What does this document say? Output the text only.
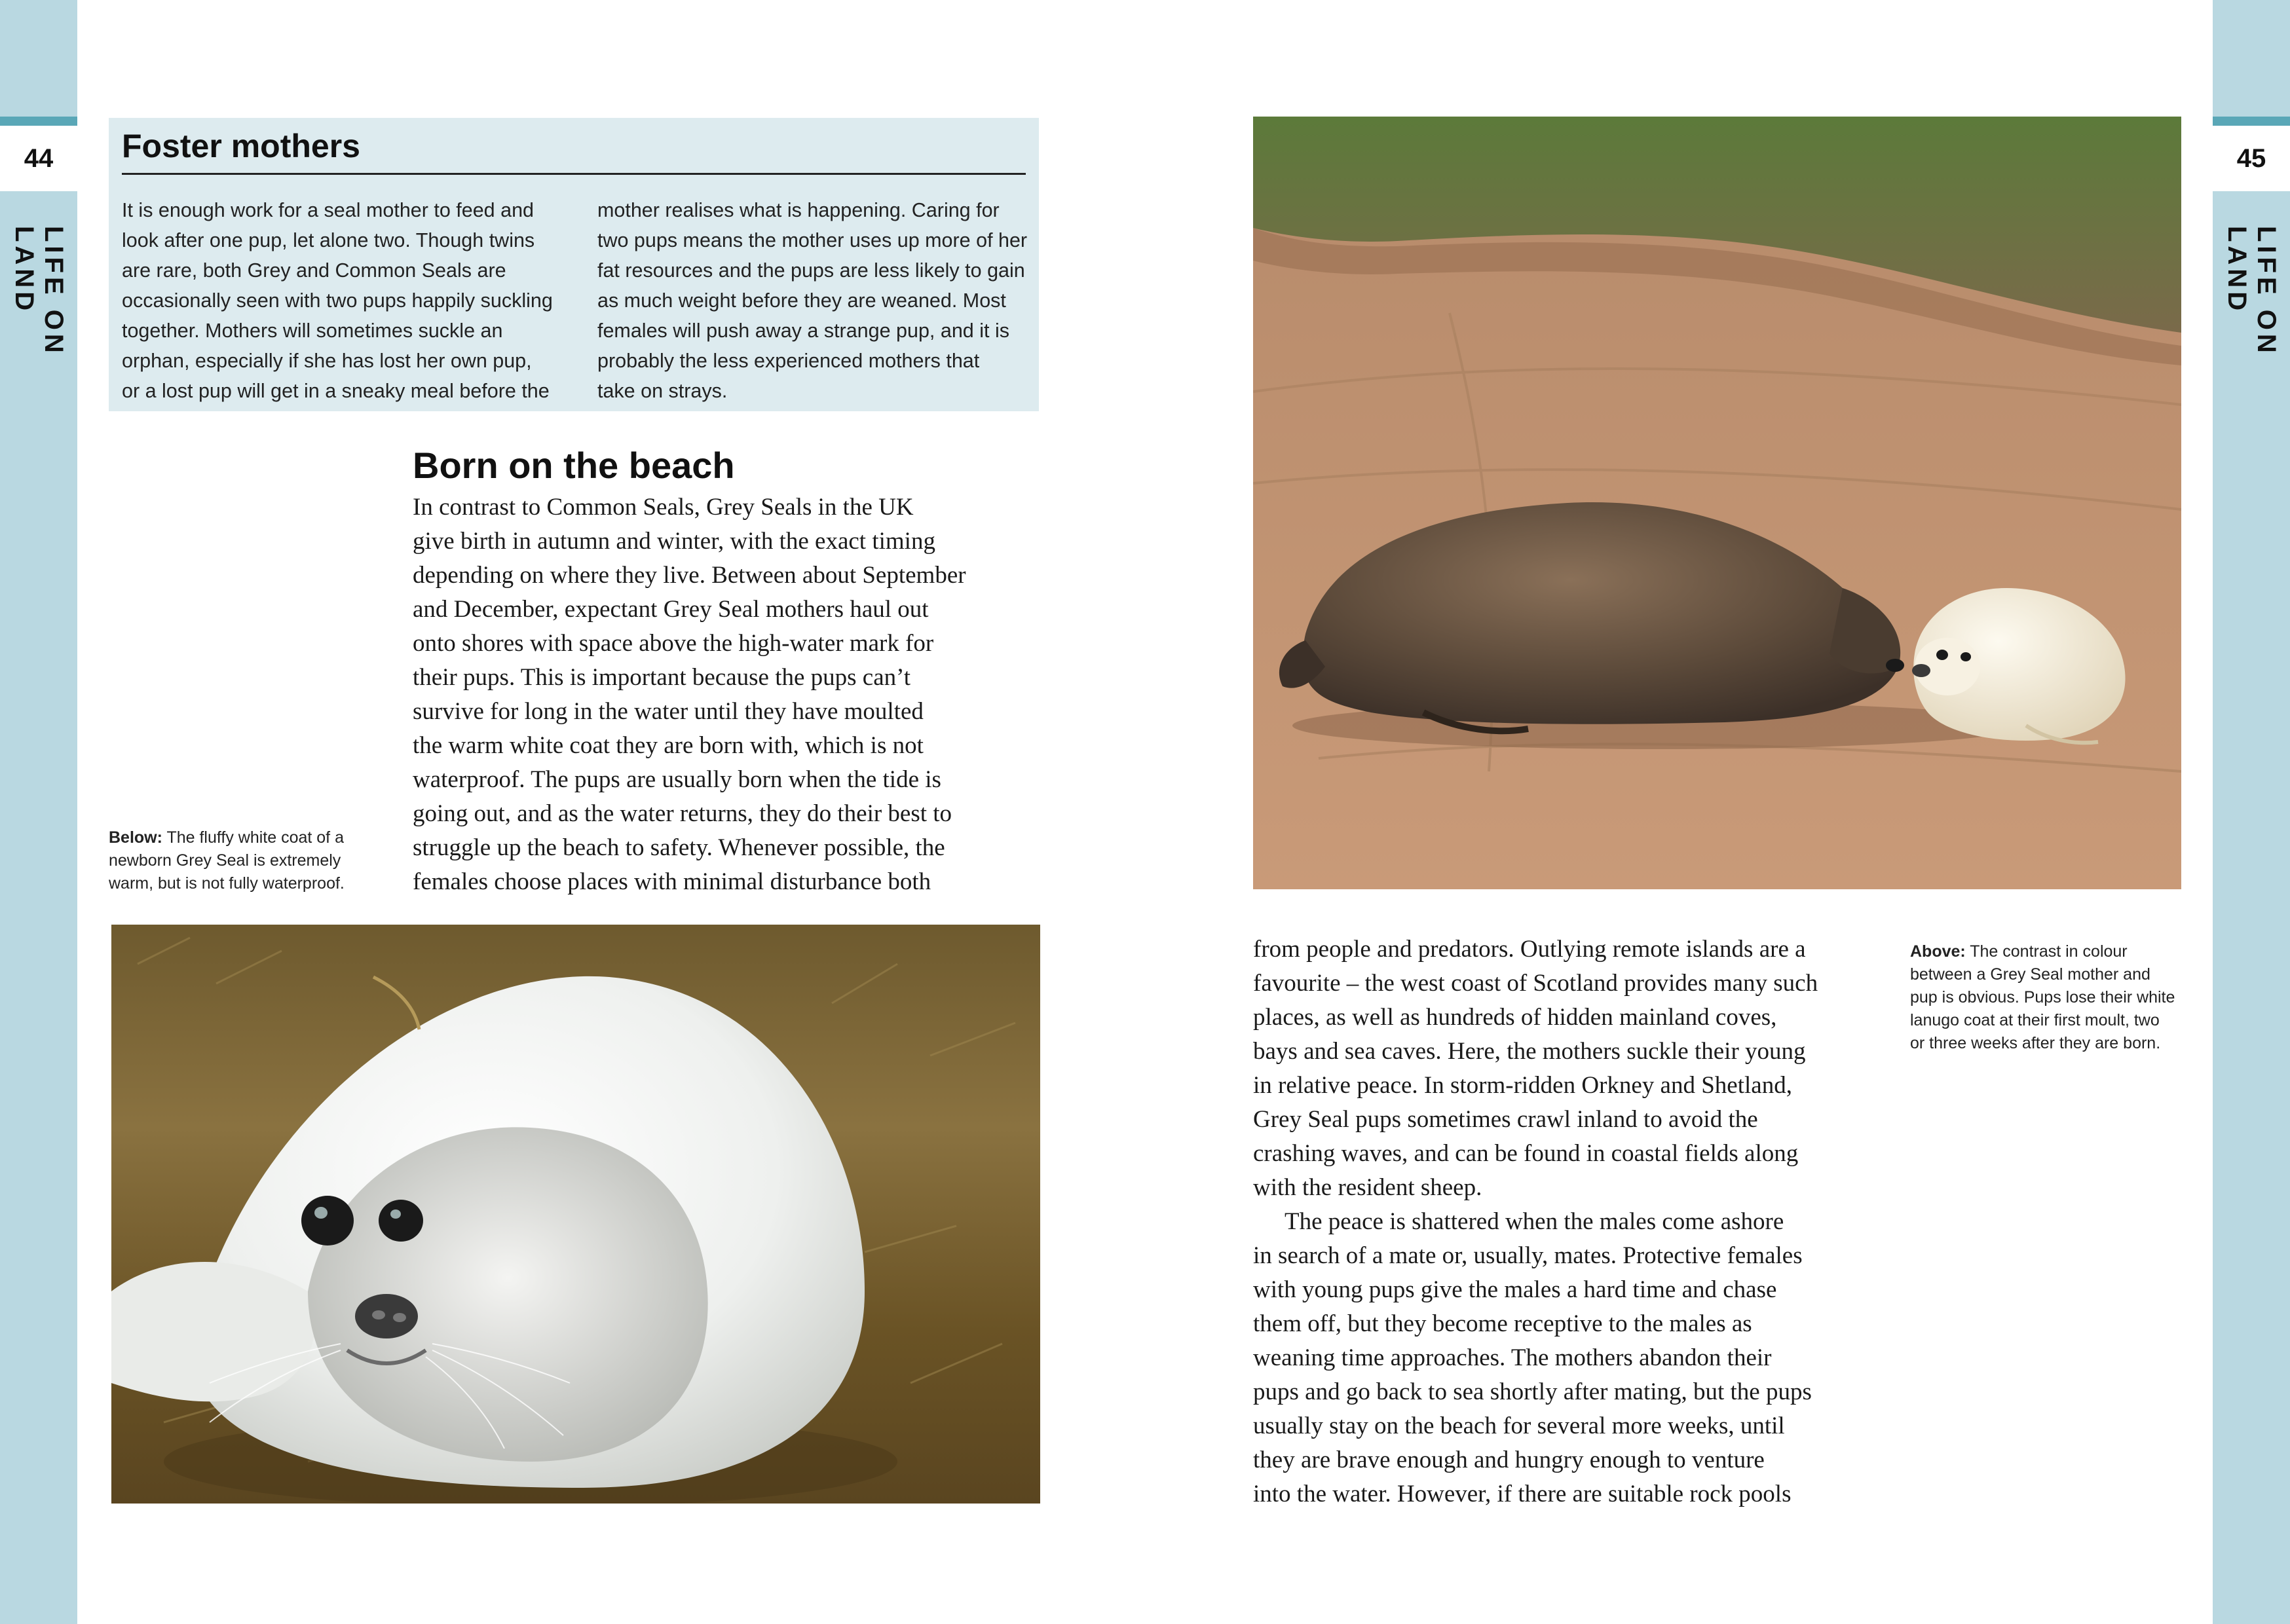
44
LIFE ON LAND
Foster mothers
It is enough work for a seal mother to feed and
look after one pup, let alone two. Though twins
are rare, both Grey and Common Seals are
occasionally seen with two pups happily suckling
together. Mothers will sometimes suckle an
orphan, especially if she has lost her own pup,
or a lost pup will get in a sneaky meal before the
mother realises what is happening. Caring for
two pups means the mother uses up more of her
fat resources and the pups are less likely to gain
as much weight before they are weaned. Most
females will push away a strange pup, and it is
probably the less experienced mothers that
take on strays.
Born on the beach
In contrast to Common Seals, Grey Seals in the UK
give birth in autumn and winter, with the exact timing
depending on where they live. Between about September
and December, expectant Grey Seal mothers haul out
onto shores with space above the high-water mark for
their pups. This is important because the pups can’t
survive for long in the water until they have moulted
the warm white coat they are born with, which is not
waterproof. The pups are usually born when the tide is
going out, and as the water returns, they do their best to
struggle up the beach to safety. Whenever possible, the
females choose places with minimal disturbance both
Below: The fluffy white coat of a
newborn Grey Seal is extremely
warm, but is not fully waterproof.
45
LIFE ON LAND
from people and predators. Outlying remote islands are a
favourite – the west coast of Scotland provides many such
places, as well as hundreds of hidden mainland coves,
bays and sea caves. Here, the mothers suckle their young
in relative peace. In storm-ridden Orkney and Shetland,
Grey Seal pups sometimes crawl inland to avoid the
crashing waves, and can be found in coastal fields along
with the resident sheep.
The peace is shattered when the males come ashore
in search of a mate or, usually, mates. Protective females
with young pups give the males a hard time and chase
them off, but they become receptive to the males as
weaning time approaches. The mothers abandon their
pups and go back to sea shortly after mating, but the pups
usually stay on the beach for several more weeks, until
they are brave enough and hungry enough to venture
into the water. However, if there are suitable rock pools
Above: The contrast in colour
between a Grey Seal mother and
pup is obvious. Pups lose their white
lanugo coat at their first moult, two
or three weeks after they are born.
